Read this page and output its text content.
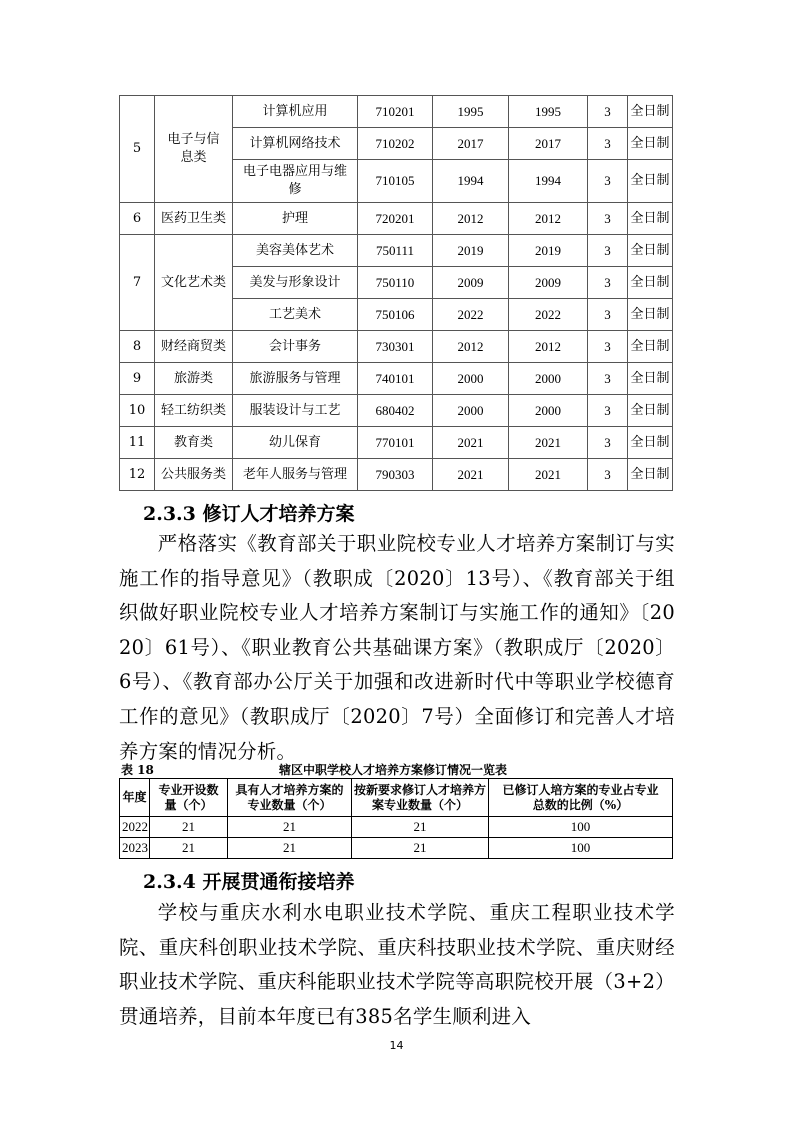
5	电子与信息类	计算机应用	710201	1995	1995	3	全日制
		计算机网络技术	710202	2017	2017	3	全日制
		电子电器应用与维修	710105	1994	1994	3	全日制
6	医药卫生类	护理	720201	2012	2012	3	全日制
7	文化艺术类	美容美体艺术	750111	2019	2019	3	全日制
		美发与形象设计	750110	2009	2009	3	全日制
		工艺美术	750106	2022	2022	3	全日制
8	财经商贸类	会计事务	730301	2012	2012	3	全日制
9	旅游类	旅游服务与管理	740101	2000	2000	3	全日制
10	轻工纺织类	服装设计与工艺	680402	2000	2000	3	全日制
11	教育类	幼儿保育	770101	2021	2021	3	全日制
12	公共服务类	老年人服务与管理	790303	2021	2021	3	全日制
2.3.3 修订人才培养方案

严格落实《教育部关于职业院校专业人才培养方案制订与实施工作的指导意见》（教职成〔2020〕13号）、《教育部关于组织做好职业院校专业人才培养方案制订与实施工作的通知》〔2020〕61号）、《职业教育公共基础课方案》（教职成厅〔2020〕6号）、《教育部办公厅关于加强和改进新时代中等职业学校德育工作的意见》（教职成厅〔2020〕7号）全面修订和完善人才培养方案的情况分析。

表 18	辖区中职学校人才培养方案修订情况一览表

年度	专业开设数量（个）	具有人才培养方案的专业数量（个）	按新要求修订人才培养方案专业数量（个）	已修订人培方案的专业占专业总数的比例（%）
2022	21	21	21	100
2023	21	21	21	100
2.3.4 开展贯通衔接培养

学校与重庆水利水电职业技术学院、重庆工程职业技术学院、重庆科创职业技术学院、重庆科技职业技术学院、重庆财经职业技术学院、重庆科能职业技术学院等高职院校开展（3+2）贯通培养，目前本年度已有385名学生顺利进入

14
